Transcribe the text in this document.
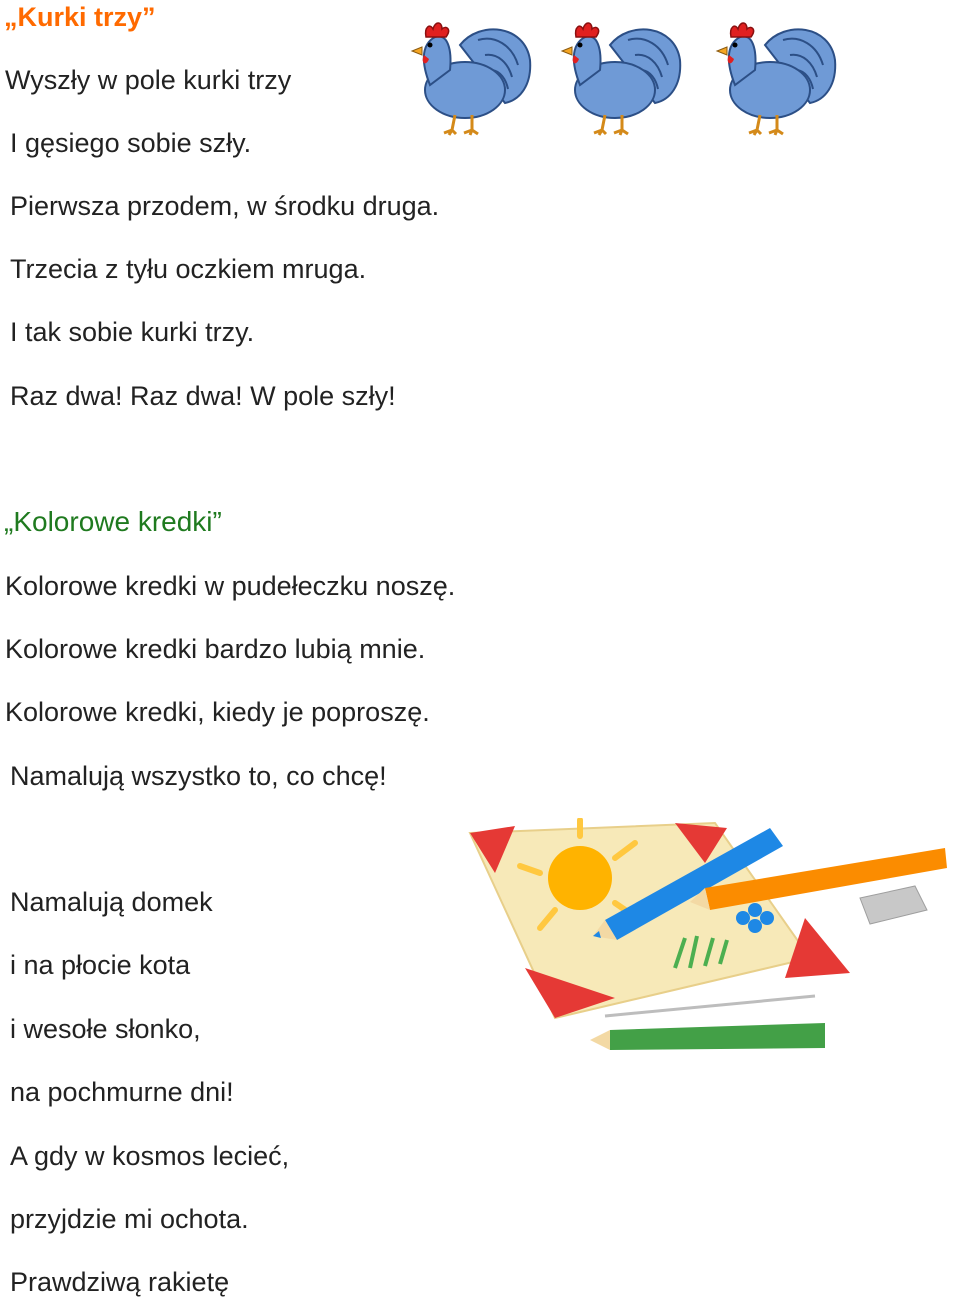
„Kurki trzy”
Wyszły w pole kurki trzy
I gęsiego sobie szły.
Pierwsza przodem, w środku druga.
Trzecia z tyłu oczkiem mruga.
I tak sobie kurki trzy.
Raz dwa! Raz dwa! W pole szły!
„Kolorowe kredki”
Kolorowe kredki w pudełeczku noszę.
Kolorowe kredki bardzo lubią mnie.
Kolorowe kredki, kiedy je poproszę.
Namalują wszystko to, co chcę!
Namalują domek
i na płocie kota
i wesołe słonko,
na pochmurne dni!
A gdy w kosmos lecieć,
przyjdzie mi ochota.
Prawdziwą rakietę
